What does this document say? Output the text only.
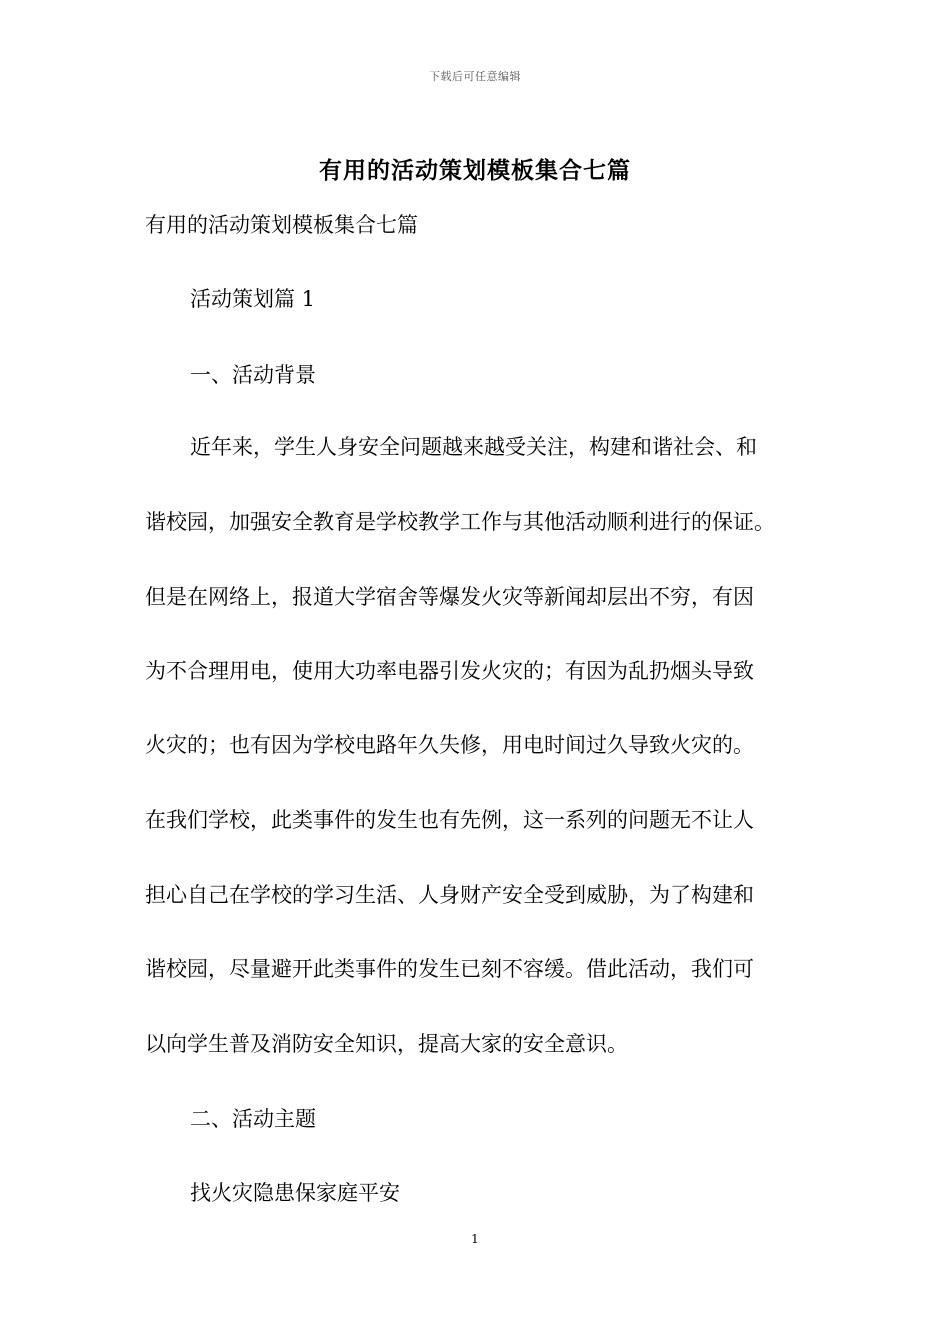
下载后可任意编辑
有用的活动策划模板集合七篇
有用的活动策划模板集合七篇
活动策划篇 1
一、活动背景
近年来，学生人身安全问题越来越受关注，构建和谐社会、和
谐校园，加强安全教育是学校教学工作与其他活动顺利进行的保证。
但是在网络上，报道大学宿舍等爆发火灾等新闻却层出不穷，有因
为不合理用电，使用大功率电器引发火灾的；有因为乱扔烟头导致
火灾的；也有因为学校电路年久失修，用电时间过久导致火灾的。
在我们学校，此类事件的发生也有先例，这一系列的问题无不让人
担心自己在学校的学习生活、人身财产安全受到威胁，为了构建和
谐校园，尽量避开此类事件的发生已刻不容缓。借此活动，我们可
以向学生普及消防安全知识，提高大家的安全意识。
二、活动主题
找火灾隐患保家庭平安
1
